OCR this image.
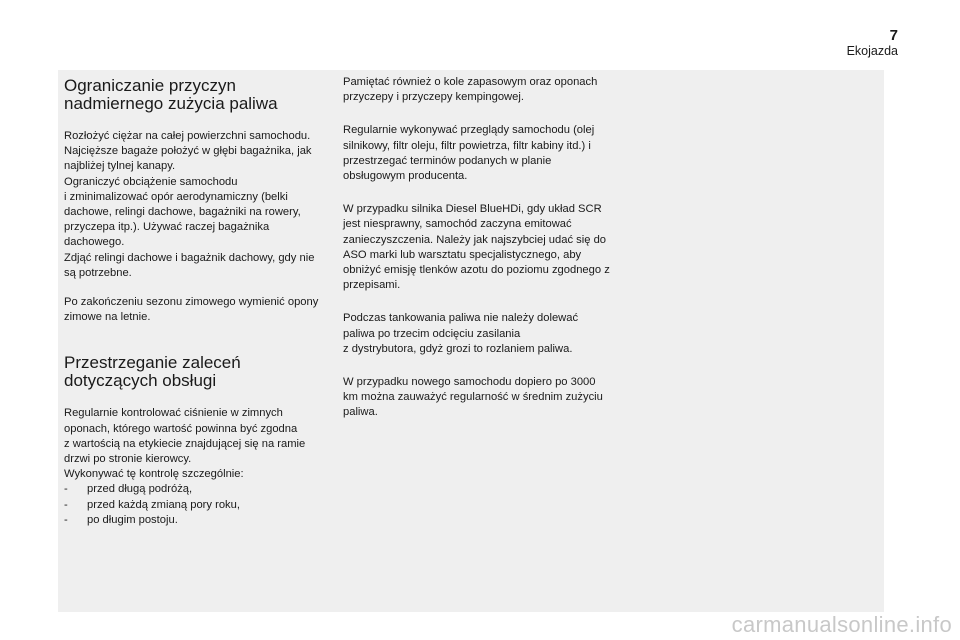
7
Ekojazda
Ograniczanie przyczyn
nadmiernego zużycia paliwa

Rozłożyć ciężar na całej powierzchni samochodu. Najcięższe bagaże położyć w głębi bagażnika, jak najbliżej tylnej kanapy.
Ograniczyć obciążenie samochodu
i zminimalizować opór aerodynamiczny (belki dachowe, relingi dachowe, bagażniki na rowery, przyczepa itp.). Używać raczej bagażnika dachowego.
Zdjąć relingi dachowe i bagażnik dachowy, gdy nie są potrzebne.

Po zakończeniu sezonu zimowego wymienić opony zimowe na letnie.

Przestrzeganie zaleceń
dotyczących obsługi

Regularnie kontrolować ciśnienie w zimnych oponach, którego wartość powinna być zgodna
z wartością na etykiecie znajdującej się na ramie drzwi po stronie kierowcy.
Wykonywać tę kontrolę szczególnie:

- przed długą podróżą,
- przed każdą zmianą pory roku,
- po długim postoju.

Pamiętać również o kole zapasowym oraz oponach przyczepy i przyczepy kempingowej.

Regularnie wykonywać przeglądy samochodu (olej silnikowy, filtr oleju, filtr powietrza, filtr kabiny itd.) i przestrzegać terminów podanych w planie obsługowym producenta.

W przypadku silnika Diesel BlueHDi, gdy układ SCR jest niesprawny, samochód zaczyna emitować zanieczyszczenia. Należy jak najszybciej udać się do ASO marki lub warsztatu specjalistycznego, aby obniżyć emisję tlenków azotu do poziomu zgodnego z przepisami.

Podczas tankowania paliwa nie należy dolewać paliwa po trzecim odcięciu zasilania
z dystrybutora, gdyż grozi to rozlaniem paliwa.

W przypadku nowego samochodu dopiero po 3000 km można zauważyć regularność w średnim zużyciu paliwa.

carmanualsonline.info
